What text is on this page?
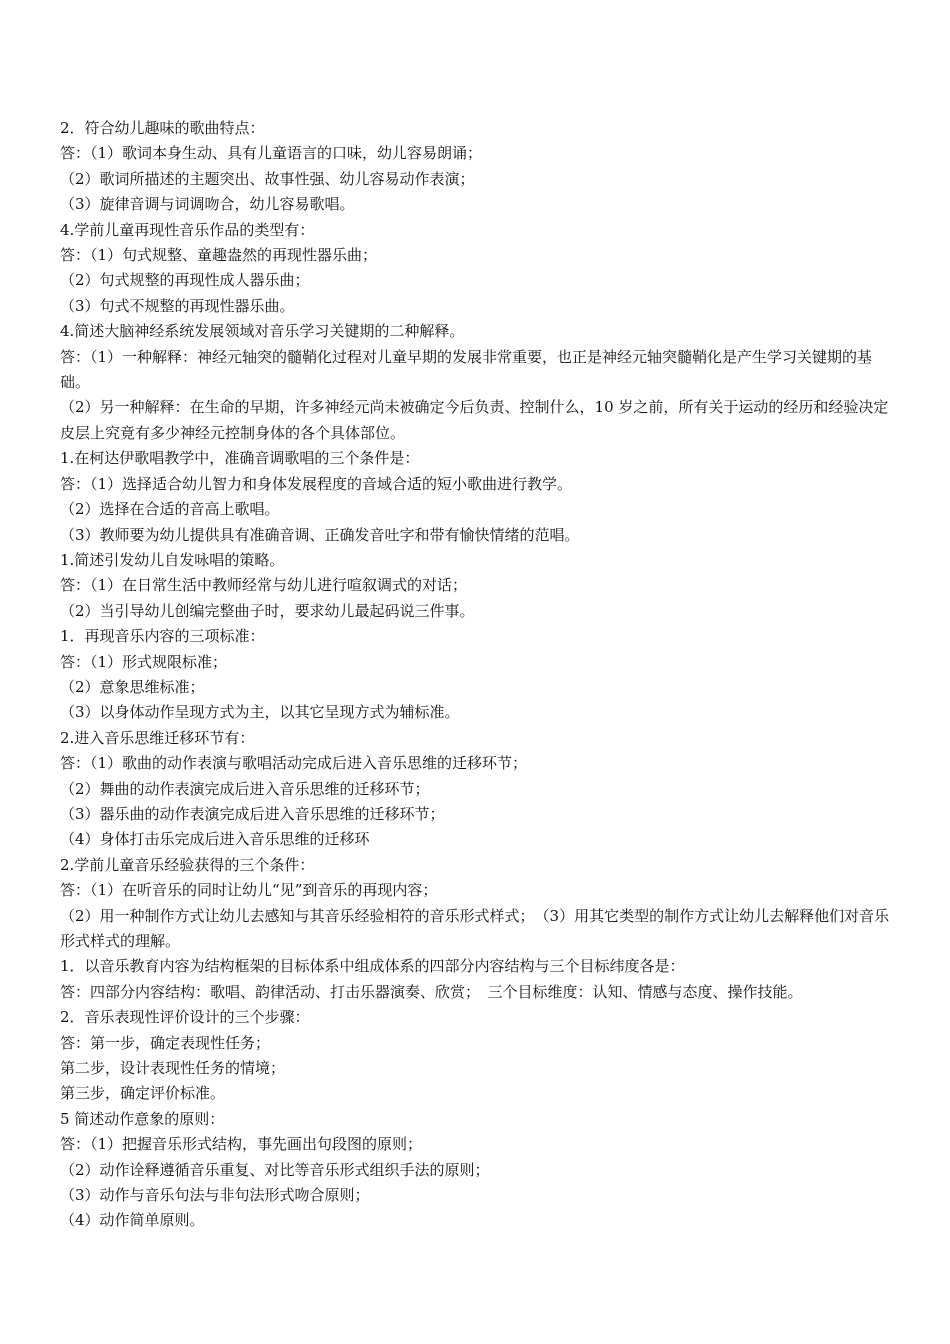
2．符合幼儿趣味的歌曲特点：

答：（1）歌词本身生动、具有儿童语言的口味，幼儿容易朗诵；

（2）歌词所描述的主题突出、故事性强、幼儿容易动作表演；

（3）旋律音调与词调吻合，幼儿容易歌唱。

4.学前儿童再现性音乐作品的类型有：

答：（1）句式规整、童趣盎然的再现性器乐曲；

（2）句式规整的再现性成人器乐曲；

（3）句式不规整的再现性器乐曲。

4.简述大脑神经系统发展领域对音乐学习关键期的二种解释。

答：（1）一种解释：神经元轴突的髓鞘化过程对儿童早期的发展非常重要，也正是神经元轴突髓鞘化是产生学习关键期的基础。

（2）另一种解释：在生命的早期，许多神经元尚未被确定今后负责、控制什么，10 岁之前，所有关于运动的经历和经验决定皮层上究竟有多少神经元控制身体的各个具体部位。

1.在柯达伊歌唱教学中，准确音调歌唱的三个条件是：

答：（1）选择适合幼儿智力和身体发展程度的音域合适的短小歌曲进行教学。

（2）选择在合适的音高上歌唱。

（3）教师要为幼儿提供具有准确音调、正确发音吐字和带有愉快情绪的范唱。

1.简述引发幼儿自发咏唱的策略。

答：（1）在日常生活中教师经常与幼儿进行喧叙调式的对话；

（2）当引导幼儿创编完整曲子时，要求幼儿最起码说三件事。

1．再现音乐内容的三项标准：

答：（1）形式规限标准；

（2）意象思维标准；

（3）以身体动作呈现方式为主，以其它呈现方式为辅标准。

2.进入音乐思维迁移环节有：

答：（1）歌曲的动作表演与歌唱活动完成后进入音乐思维的迁移环节；

（2）舞曲的动作表演完成后进入音乐思维的迁移环节；

（3）器乐曲的动作表演完成后进入音乐思维的迁移环节；

（4）身体打击乐完成后进入音乐思维的迁移环

2.学前儿童音乐经验获得的三个条件：

答：（1）在听音乐的同时让幼儿“见”到音乐的再现内容；

（2）用一种制作方式让幼儿去感知与其音乐经验相符的音乐形式样式；　（3）用其它类型的制作方式让幼儿去解释他们对音乐形式样式的理解。

1．以音乐教育内容为结构框架的目标体系中组成体系的四部分内容结构与三个目标纬度各是：

答：四部分内容结构：歌唱、韵律活动、打击乐器演奏、欣赏；　三个目标维度：认知、情感与态度、操作技能。

2．音乐表现性评价设计的三个步骤：

答：第一步，确定表现性任务；

第二步，设计表现性任务的情境；

第三步，确定评价标准。

5 简述动作意象的原则：

答：（1）把握音乐形式结构，事先画出句段图的原则；

（2）动作诠释遵循音乐重复、对比等音乐形式组织手法的原则；

（3）动作与音乐句法与非句法形式吻合原则；

（4）动作简单原则。
